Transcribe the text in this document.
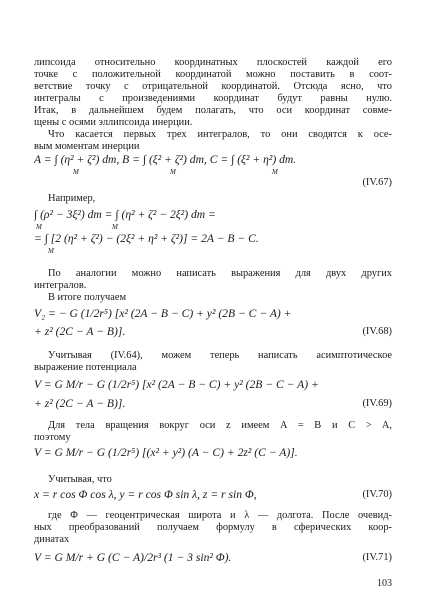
липсоида относительно координатных плоскостей каждой его
точке с положительной координатой можно поставить в соот-
ветствие точку с отрицательной координатой. Отсюда ясно, что
интегралы с произведениями координат будут равны нулю.
Итак, в дальнейшем будем полагать, что оси координат совме-
щены с осями эллипсоида инерции.
Что касается первых трех интегралов, то они сводятся к осе-
вым моментам инерции
A = ∫ (η² + ζ²) dm, B = ∫ (ξ² + ζ²) dm, C = ∫ (ξ² + η²) dm.
M	M	M
(IV.67)
Например,
∫ (ρ² − 3ξ²) dm = ∫ (η² + ζ² − 2ξ²) dm =
M	M
= ∫ [2 (η² + ζ²) − (2ξ² + η² + ζ²)] = 2A − B − C.
M
По аналогии можно написать выражения для двух других
интегралов.
В итоге получаем
V₂ = − G (1/2r⁵) [x² (2A − B − C) + y² (2B − C − A) +
+ z² (2C − A − B)].	(IV.68)
Учитывая (IV.64), можем теперь написать асимптотическое
выражение потенциала
V = G M/r − G (1/2r⁵) [x² (2A − B − C) + y² (2B − C − A) +
+ z² (2C − A − B)].	(IV.69)
Для тела вращения вокруг оси z имеем A = B и C > A,
поэтому
V = G M/r − G (1/2r⁵) [(x² + y²) (A − C) + 2z² (C − A)].
Учитывая, что
x = r cos Φ cos λ, y = r cos Φ sin λ, z = r sin Φ,	(IV.70)
где Φ — геоцентрическая широта и λ — долгота. После очевид-
ных преобразований получаем формулу в сферических коор-
динатах
V = G M/r + G (C − A)/2r³ (1 − 3 sin² Φ).	(IV.71)
103
